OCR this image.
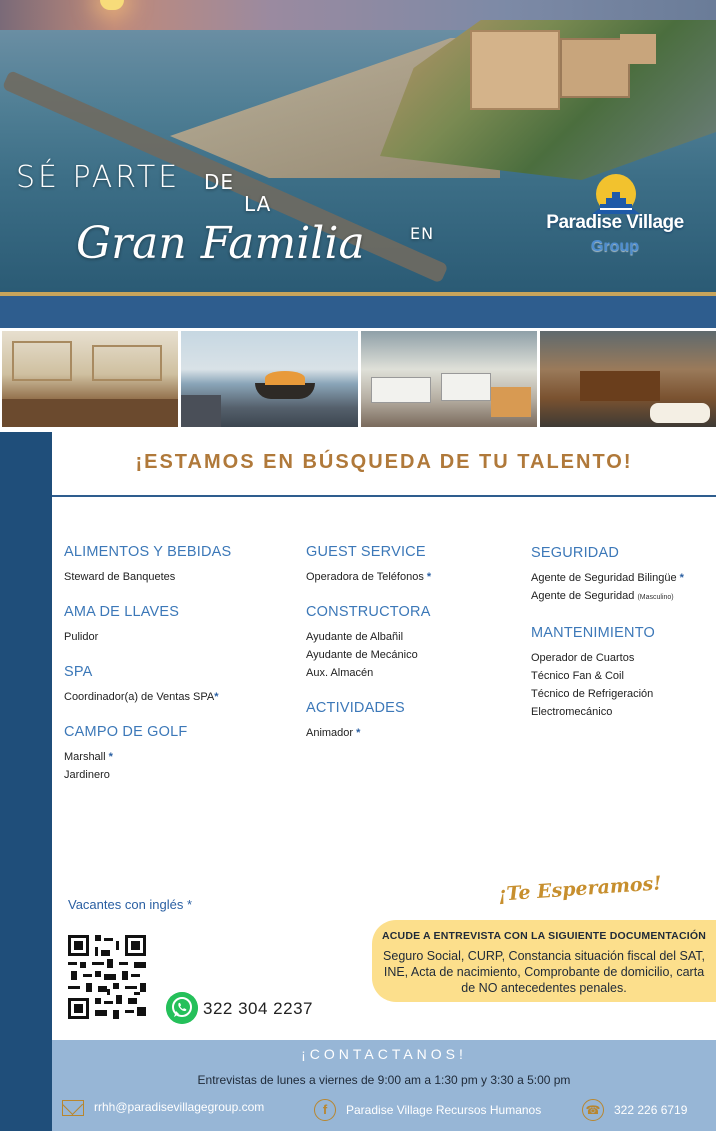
SÉ PARTE DE
LA
Gran Familia	EN
Paradise Village
Group
¡ESTAMOS EN BÚSQUEDA DE TU TALENTO!
ALIMENTOS Y BEBIDAS
Steward de Banquetes
AMA DE LLAVES
Pulidor
SPA
Coordinador(a) de Ventas SPA*
CAMPO DE GOLF
Marshall *
Jardinero
GUEST SERVICE
Operadora de Teléfonos *
CONSTRUCTORA
Ayudante de Albañil
Ayudante de Mecánico
Aux. Almacén
ACTIVIDADES
Animador *
SEGURIDAD
Agente de Seguridad Bilingüe *
Agente de Seguridad (Masculino)
MANTENIMIENTO
Operador de Cuartos
Técnico Fan & Coil
Técnico de Refrigeración
Electromecánico
Vacantes con inglés *
322 304 2237
¡Te Esperamos!
ACUDE A ENTREVISTA CON LA SIGUIENTE DOCUMENTACIÓN
Seguro Social, CURP, Constancia situación fiscal del SAT, INE, Acta de nacimiento, Comprobante de domicilio, carta de NO antecedentes penales.
¡CONTACTANOS!
Entrevistas de lunes a viernes de 9:00 am a 1:30 pm y 3:30 a 5:00 pm
rrhh@paradisevillagegroup.com	f	Paradise Village Recursos Humanos	☎ 322 226 6719
